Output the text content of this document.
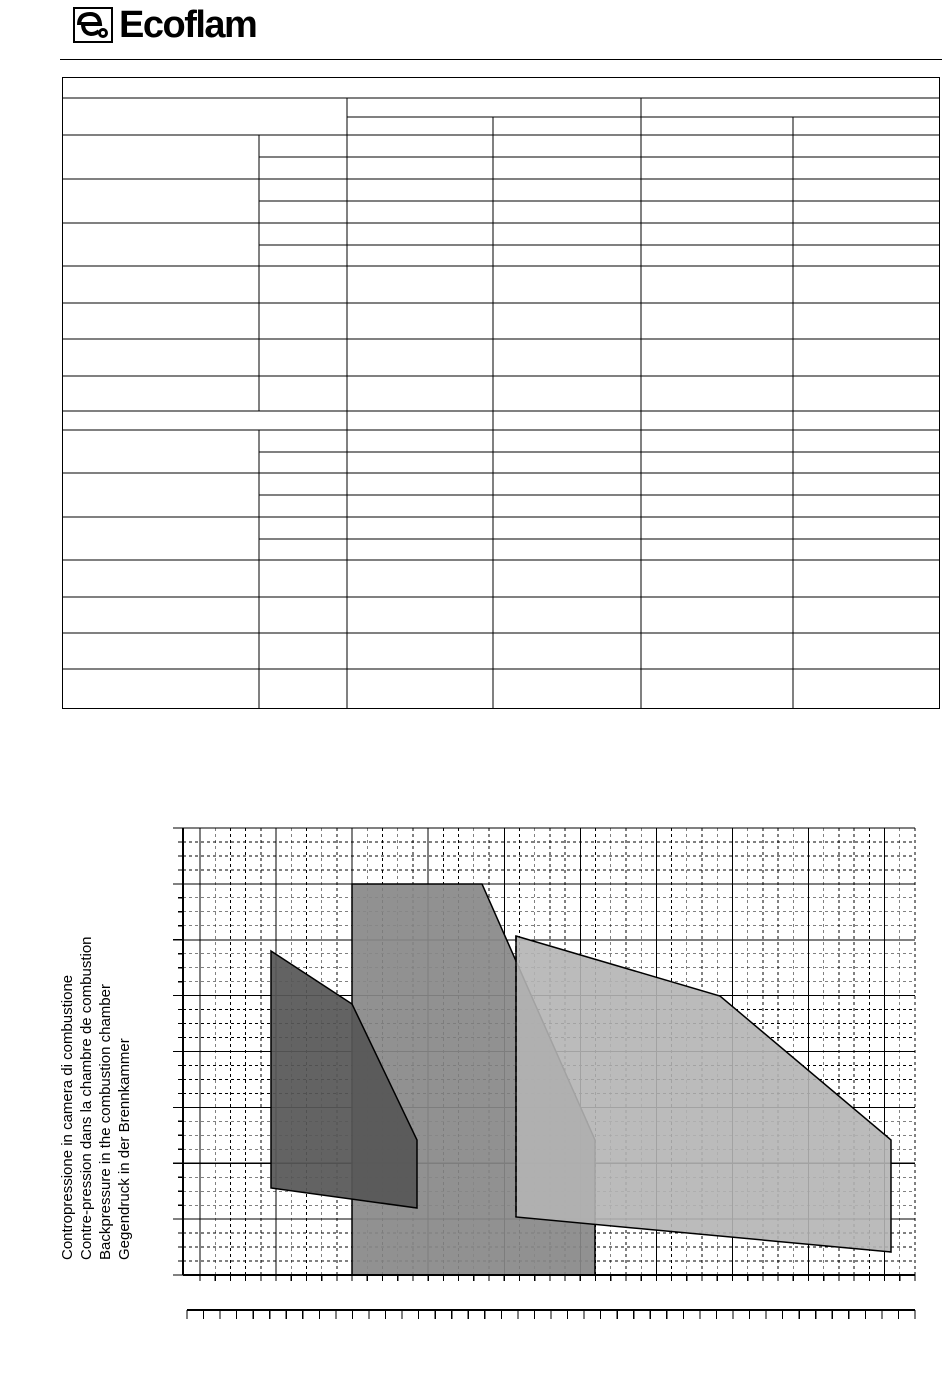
Ecoflam
Contropressione in camera di combustione Contre-pression dans la chambre de combustion Backpressure in the combustion chamber Gegendruck in der Brennkammer
